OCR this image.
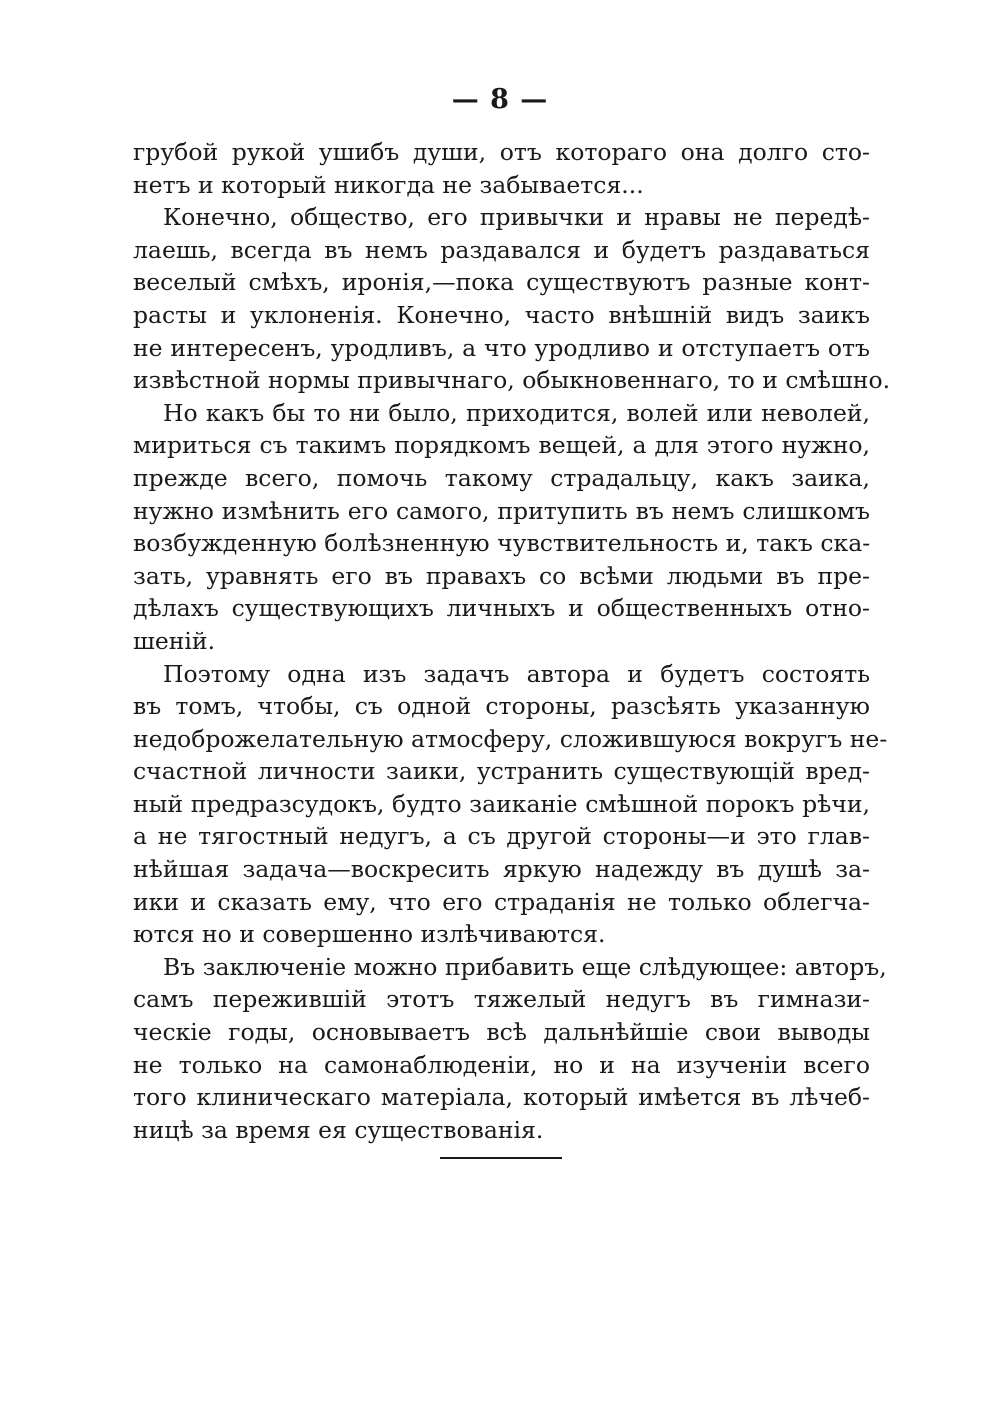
— 8 —
грубой рукой ушибъ души, отъ котораго она долго сто-
нетъ и который никогда не забывается...
Конечно, общество, его привычки и нравы не передѣ-
лаешь, всегда въ немъ раздавался и будетъ раздаваться
веселый смѣхъ, иронія,—пока существуютъ разные конт-
расты и уклоненія. Конечно, часто внѣшній видъ заикъ
не интересенъ, уродливъ, а что уродливо и отступаетъ отъ
извѣстной нормы привычнаго, обыкновеннаго, то и смѣшно.
Но какъ бы то ни было, приходится, волей или неволей,
мириться съ такимъ порядкомъ вещей, а для этого нужно,
прежде всего, помочь такому страдальцу, какъ заика,
нужно измѣнить его самого, притупить въ немъ слишкомъ
возбужденную болѣзненную чувствительность и, такъ ска-
зать, уравнять его въ правахъ со всѣми людьми въ пре-
дѣлахъ существующихъ личныхъ и общественныхъ отно-
шеній.
Поэтому одна изъ задачъ автора и будетъ состоять
въ томъ, чтобы, съ одной стороны, разсѣять указанную
недоброжелательную атмосферу, сложившуюся вокругъ не-
счастной личности заики, устранить существующій вред-
ный предразсудокъ, будто заиканіе смѣшной порокъ рѣчи,
а не тягостный недугъ, а съ другой стороны—и это глав-
нѣйшая задача—воскресить яркую надежду въ душѣ за-
ики и сказать ему, что его страданія не только облегча-
ются но и совершенно излѣчиваются.
Въ заключеніе можно прибавить еще слѣдующее: авторъ,
самъ переживш‍ій этотъ тяжелый недугъ въ гимнази-
ческіе годы, основываетъ всѣ дальнѣйшіе свои выводы
не только на самонаблюденіи, но и на изученіи всего
того клиническаго матеріала, который имѣется въ лѣчеб-
ницѣ за время ея существованія.
